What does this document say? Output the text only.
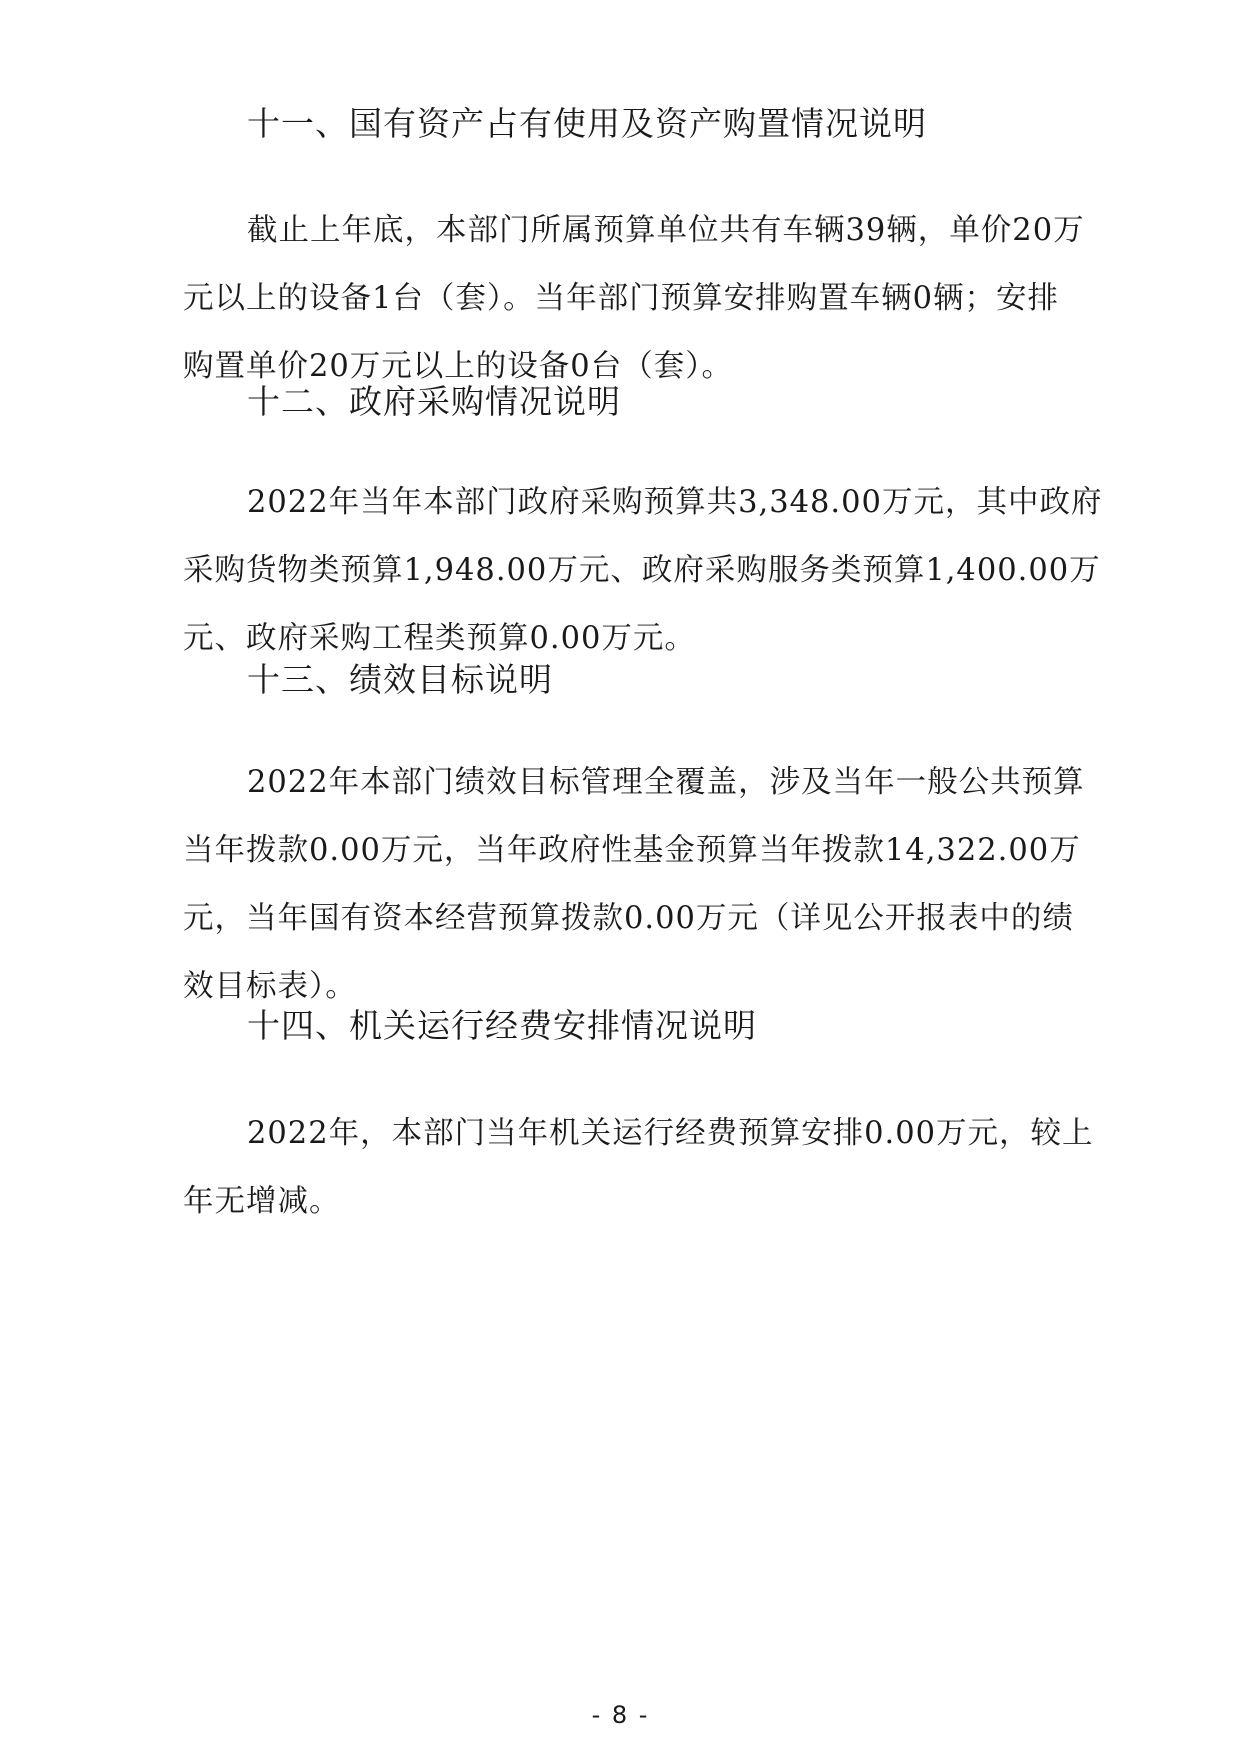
十一、国有资产占有使用及资产购置情况说明

截止上年底，本部门所属预算单位共有车辆39辆，单价20万
元以上的设备1台（套）。当年部门预算安排购置车辆0辆；安排
购置单价20万元以上的设备0台（套）。

十二、政府采购情况说明

2022年当年本部门政府采购预算共3,348.00万元，其中政府
采购货物类预算1,948.00万元、政府采购服务类预算1,400.00万
元、政府采购工程类预算0.00万元。

十三、绩效目标说明

2022年本部门绩效目标管理全覆盖，涉及当年一般公共预算
当年拨款0.00万元，当年政府性基金预算当年拨款14,322.00万
元，当年国有资本经营预算拨款0.00万元（详见公开报表中的绩
效目标表）。

十四、机关运行经费安排情况说明

2022年，本部门当年机关运行经费预算安排0.00万元，较上
年无增减。

- 8 -
